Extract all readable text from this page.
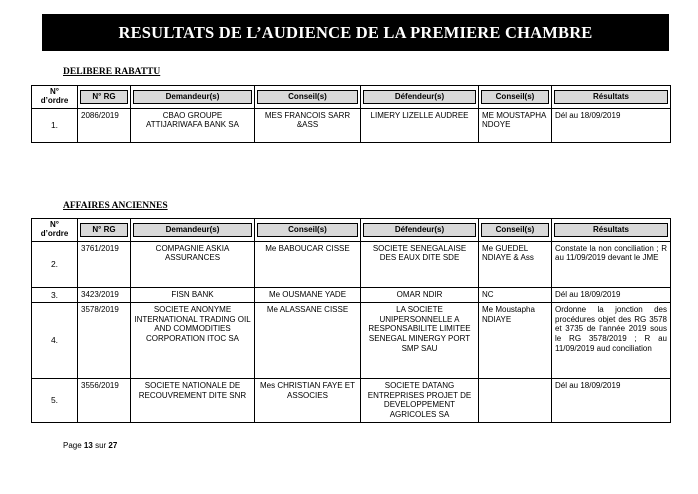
RESULTATS DE L’AUDIENCE DE LA PREMIERE CHAMBRE
DELIBERE RABATTU
N°
d’ordre	N° RG	Demandeur(s)	Conseil(s)	Défendeur(s)	Conseil(s)	Résultats

1.	2086/2019	CBAO GROUPE ATTIJARIWAFA BANK SA	MES FRANCOIS SARR &ASS	LIMERY LIZELLE AUDREE	ME MOUSTAPHA NDOYE	Dél au 18/09/2019
AFFAIRES ANCIENNES
N°
d’ordre	N° RG	Demandeur(s)	Conseil(s)	Défendeur(s)	Conseil(s)	Résultats

2.	3761/2019	COMPAGNIE ASKIA ASSURANCES	Me BABOUCAR CISSE	SOCIETE SENEGALAISE DES EAUX DITE SDE	Me GUEDEL NDIAYE & Ass	Constate la non conciliation ; R au 11/09/2019 devant le JME
3.	3423/2019	FISN BANK	Me OUSMANE YADE	OMAR NDIR	NC	Dél au 18/09/2019
4.	3578/2019	SOCIETE ANONYME INTERNATIONAL TRADING OIL AND COMMODITIES CORPORATION ITOC SA	Me ALASSANE CISSE	LA SOCIETE UNIPERSONNELLE A RESPONSABILITE LIMITEE SENEGAL MINERGY PORT SMP SAU	Me Moustapha NDIAYE	Ordonne la jonction des procédures objet des RG 3578 et 3735 de l’année 2019 sous le RG 3578/2019 ; R au 11/09/2019 aud conciliation
5.	3556/2019	SOCIETE NATIONALE DE RECOUVREMENT DITE SNR	Mes CHRISTIAN FAYE ET ASSOCIES	SOCIETE DATANG ENTREPRISES PROJET DE DEVELOPPEMENT AGRICOLES SA		Dél au 18/09/2019
Page 13 sur 27
